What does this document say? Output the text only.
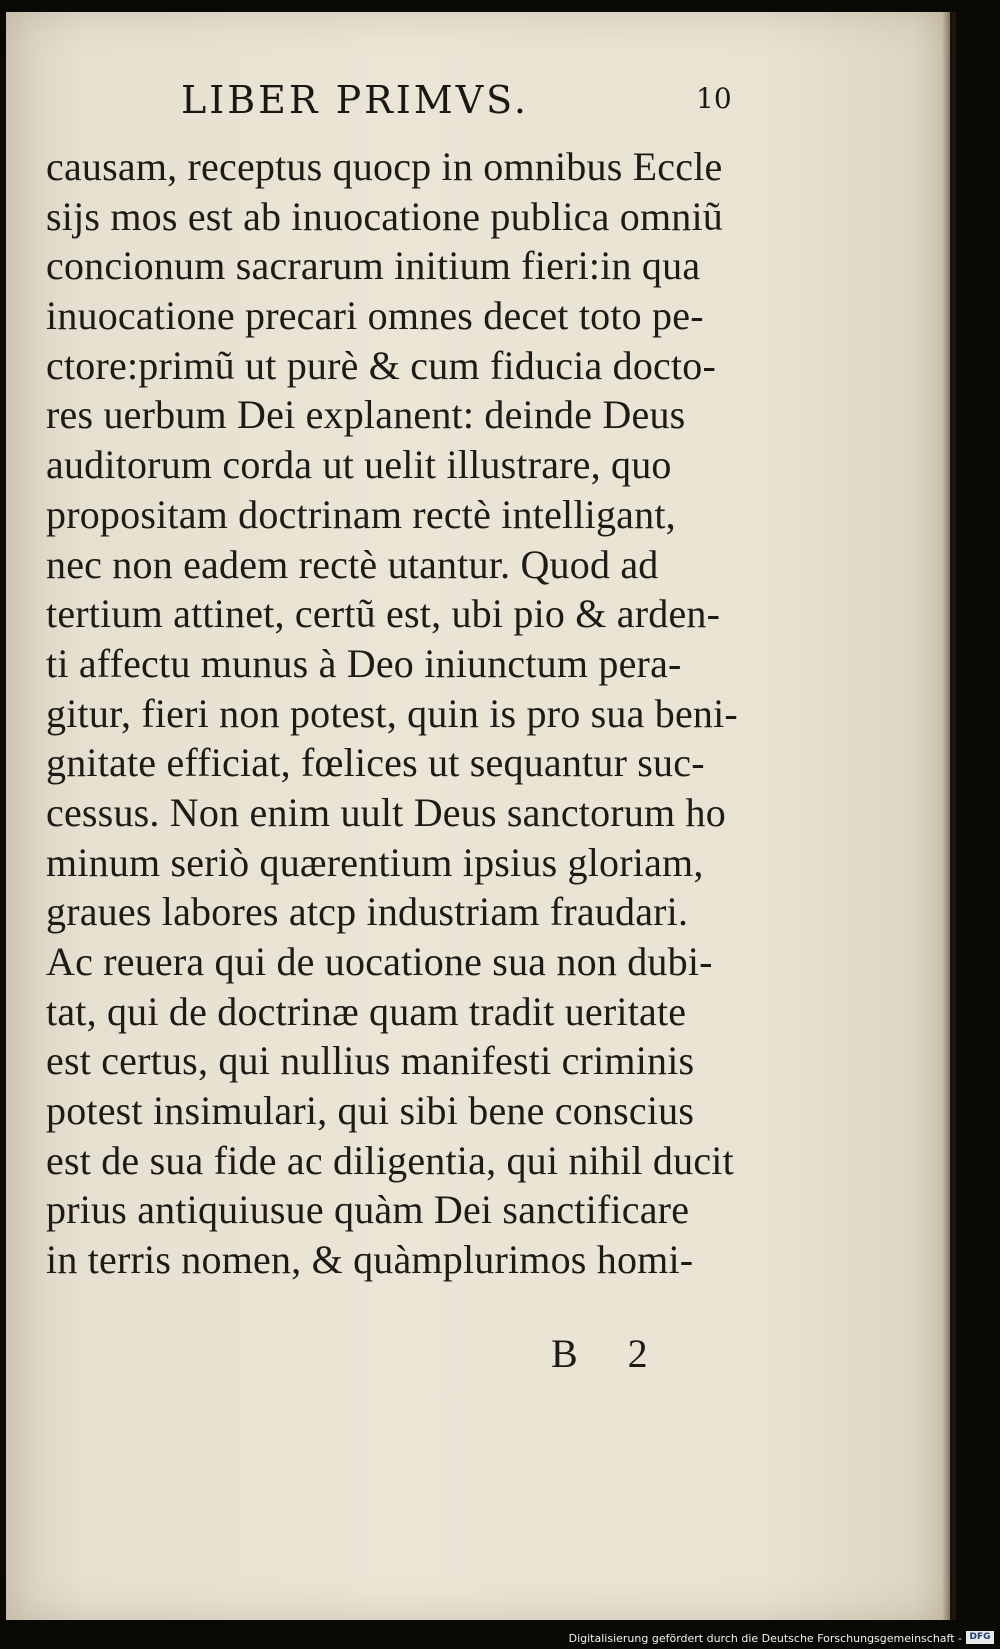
LIBER PRIMVS.	10
causam, receptus quocp in omnibus Eccle
sijs mos est ab inuocatione publica omniũ
concionum sacrarum initium fieri:in qua
inuocatione precari omnes decet toto pe-
ctore:primũ ut purè & cum fiducia docto-
res uerbum Dei explanent: deinde Deus
auditorum corda ut uelit illustrare, quo
propositam doctrinam rectè intelligant,
nec non eadem rectè utantur. Quod ad
tertium attinet, certũ est, ubi pio & arden-
ti affectu munus à Deo iniunctum pera-
gitur, fieri non potest, quin is pro sua beni-
gnitate efficiat, fœlices ut sequantur suc-
cessus. Non enim uult Deus sanctorum ho
minum seriò quærentium ipsius gloriam,
graues labores atcp industriam fraudari.
Ac reuera qui de uocatione sua non dubi-
tat, qui de doctrinæ quam tradit ueritate
est certus, qui nullius manifesti criminis
potest insimulari, qui sibi bene conscius
est de sua fide ac diligentia, qui nihil ducit
prius antiquiusue quàm Dei sanctificare
in terris nomen, & quàmplurimos homi-
B 2
Digitalisierung gefördert durch die Deutsche Forschungsgemeinschaft - DFG
